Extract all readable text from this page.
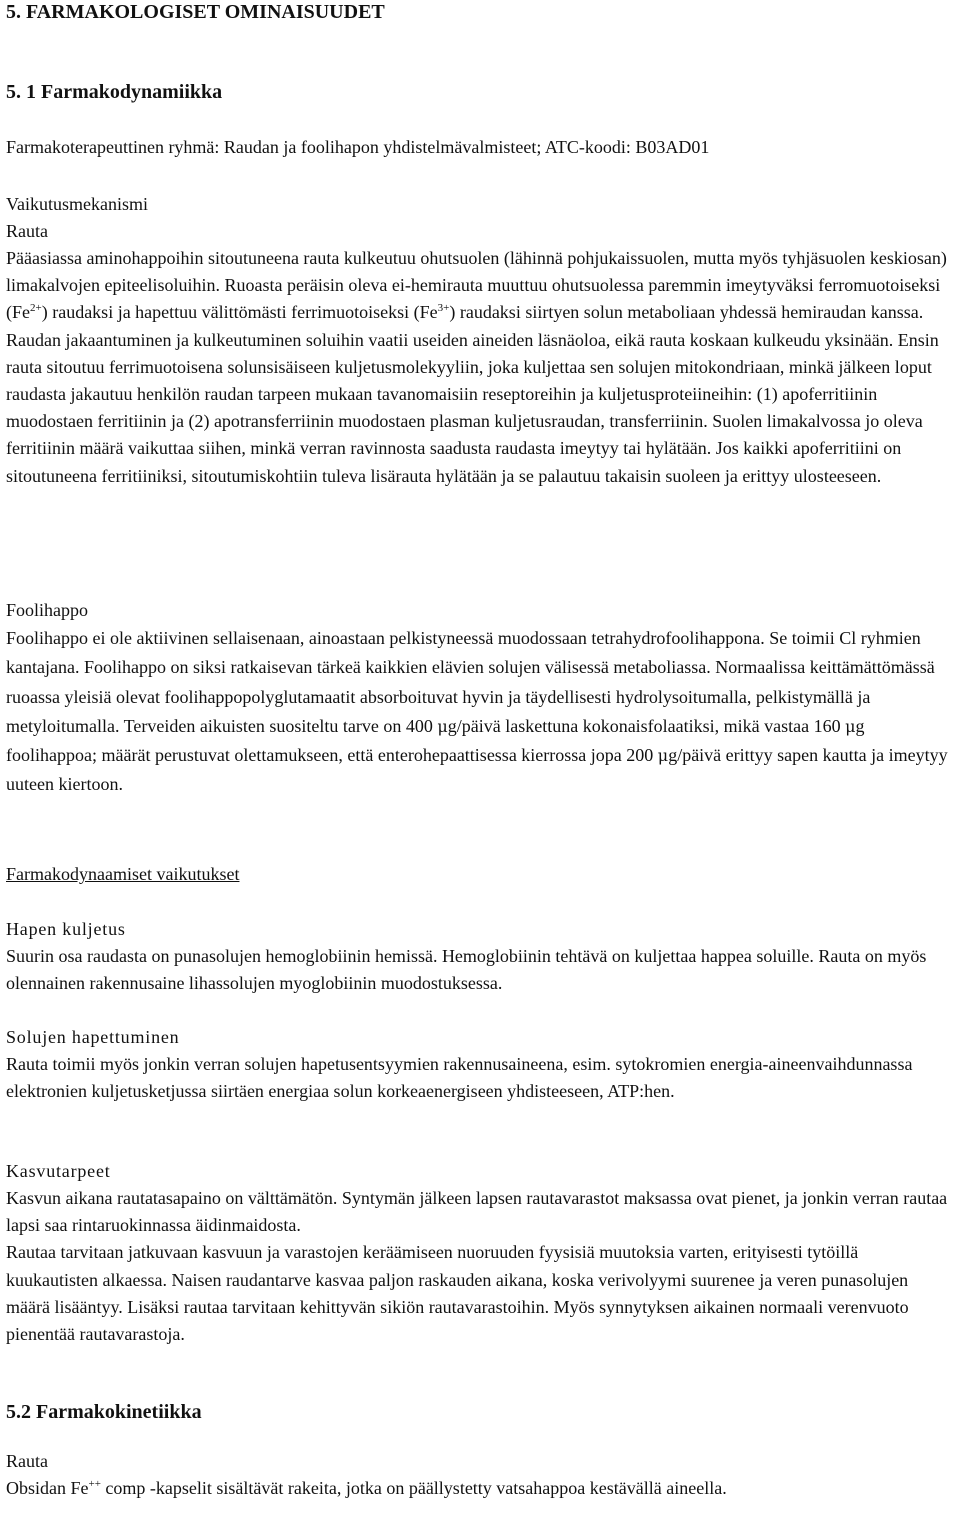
5. FARMAKOLOGISET OMINAISUUDET
5. 1 Farmakodynamiikka

Farmakoterapeuttinen ryhmä: Raudan ja foolihapon yhdistelmävalmisteet; ATC-koodi: B03AD01

Vaikutusmekanismi
Rauta

Pääasiassa aminohappoihin sitoutuneena rauta kulkeutuu ohutsuolen (lähinnä pohjukaissuolen, mutta myös tyhjäsuolen keskiosan) limakalvojen epiteelisoluihin. Ruoasta peräisin oleva ei-hemirauta muuttuu ohutsuolessa paremmin imeytyväksi ferromuotoiseksi $(Fe^{2+})$ raudaksi ja hapettuu välittömästi ferrimuotoiseksi $(Fe^{3+})$ raudaksi siirtyen solun metaboliaan yhdessä hemiraudan kanssa. Raudan jakaantuminen ja kulkeutuminen soluihin vaatii useiden aineiden läsnäoloa, eikä rauta koskaan kulkeudu yksinään. Ensin rauta sitoutuu ferrimuotoisena solunsisäiseen kuljetusmolekyyliin, joka kuljettaa sen solujen mitokondriaan, minkä jälkeen loput raudasta jakautuu henkilön raudan tarpeen mukaan tavanomaisiin reseptoreihin ja kuljetusproteiineihin: (1) apoferritiinin muodostaen ferritiinin ja (2) apotransferriinin muodostaen plasman kuljetusraudan, transferriinin. Suolen limakalvossa jo oleva ferritiinin määrä vaikuttaa siihen, minkä verran ravinnosta saadusta raudasta imeytyy tai hylätään. Jos kaikki apoferritiini on sitoutuneena ferritiiniksi, sitoutumiskohtiin tuleva lisärauta hylätään ja se palautuu takaisin suoleen ja erittyy ulosteeseen.

Foolihappo

Foolihappo ei ole aktiivinen sellaisenaan, ainoastaan pelkistyneessä muodossaan tetrahydrofoolihappona. Se toimii Cl ryhmien kantajana. Foolihappo on siksi ratkaisevan tärkeä kaikkien elävien solujen välisessä metaboliassa. Normaalissa keittämättömässä ruoassa yleisiä olevat foolihappopolyglutamaatit absorboituvat hyvin ja täydellisesti hydrolysoitumalla, pelkistymällä ja metyloitumalla. Terveiden aikuisten suositeltu tarve on 400 μg/päivä laskettuna kokonaisfolaatiksi, mikä vastaa 160 μg foolihappoa; määrät perustuvat olettamukseen, että enterohepaattisessa kierrossa jopa 200 μg/päivä erittyy sapen kautta ja imeytyy uuteen kiertoon.

Farmakodynaamiset vaikutukset
Hapen kuljetus

Suurin osa raudasta on punasolujen hemoglobiinin hemissä. Hemoglobiinin tehtävä on kuljettaa happea soluille. Rauta on myös olennainen rakennusaine lihassolujen myoglobiinin muodostuksessa.

Solujen hapettuminen

Rauta toimii myös jonkin verran solujen hapetusentsyymien rakennusaineena, esim. sytokromien energia-aineenvaihdunnassa elektronien kuljetusketjussa siirtäen energiaa solun korkeaenergiseen yhdisteeseen, ATP:hen.

Kasvutarpeet

Kasvun aikana rautatasapaino on välttämätön. Syntymän jälkeen lapsen rautavarastot maksassa ovat pienet, ja jonkin verran rautaa lapsi saa rintaruokinnassa äidinmaidosta.

Rautaa tarvitaan jatkuvaan kasvuun ja varastojen keräämiseen nuoruuden fyysisiä muutoksia varten, erityisesti tytöillä kuukautisten alkaessa. Naisen raudantarve kasvaa paljon raskauden aikana, koska verivolyymi suurenee ja veren punasolujen määrä lisääntyy. Lisäksi rautaa tarvitaan kehittyvän sikiön rautavarastoihin. Myös synnytyksen aikainen normaali verenvuoto pienentää rautavarastoja.

5.2 Farmakokinetiikka
Rauta

Obsidan Fe++ comp -kapselit sisältävät rakeita, jotka on päällystetty vatsahappoa kestävällä aineella.
